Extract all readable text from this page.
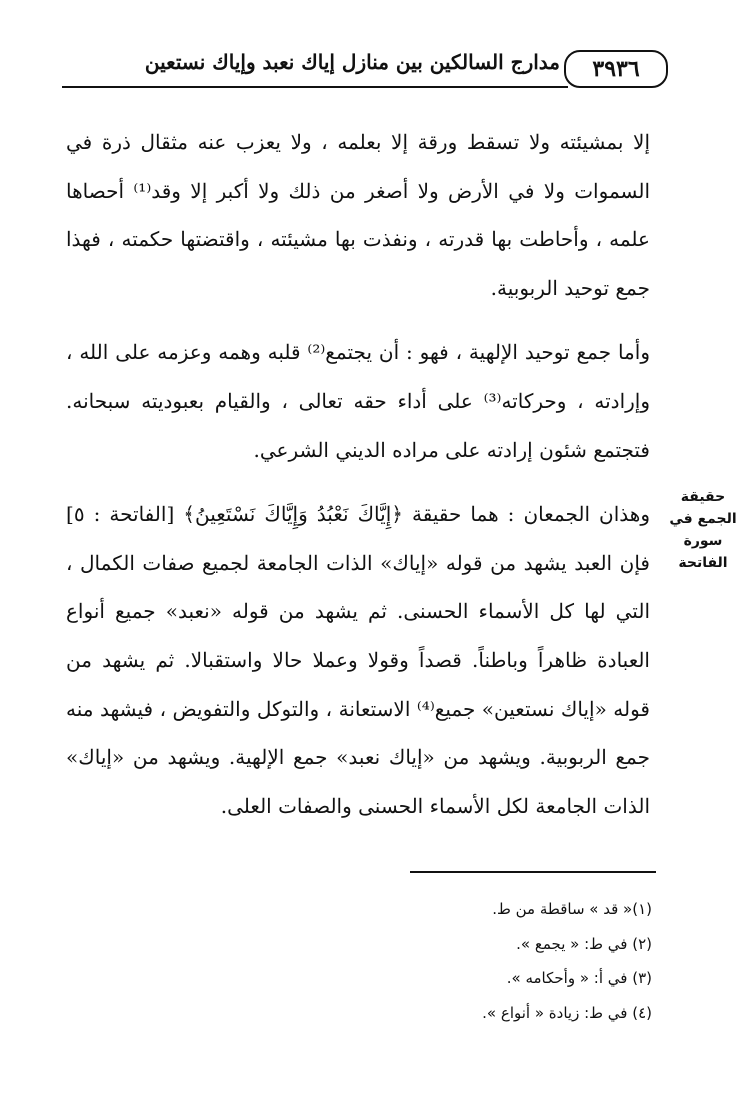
٣٩٣٦
مدارج السالكين بين منازل إياك نعبد وإياك نستعين

إلا بمشيئته ولا تسقط ورقة إلا بعلمه ، ولا يعزب عنه مثقال ذرة في السموات ولا في الأرض ولا أصغر من ذلك ولا أكبر إلا وقد⁽¹⁾ أحصاها علمه ، وأحاطت بها قدرته ، ونفذت بها مشيئته ، واقتضتها حكمته ، فهذا جمع توحيد الربوبية.

وأما جمع توحيد الإلهية ، فهو : أن يجتمع⁽²⁾ قلبه وهمه وعزمه على الله ، وإرادته ، وحركاته⁽³⁾ على أداء حقه تعالى ، والقيام بعبوديته سبحانه. فتجتمع شئون إرادته على مراده الديني الشرعي.

وهذان الجمعان : هما حقيقة ﴿إِيَّاكَ نَعْبُدُ وَإِيَّاكَ نَسْتَعِينُ﴾ [الفاتحة : ٥] فإن العبد يشهد من قوله «إياك» الذات الجامعة لجميع صفات الكمال ، التي لها كل الأسماء الحسنى. ثم يشهد من قوله «نعبد» جميع أنواع العبادة ظاهراً وباطناً. قصداً وقولا وعملا حالا واستقبالا. ثم يشهد من قوله «إياك نستعين» جميع⁽⁴⁾ الاستعانة ، والتوكل والتفويض ، فيشهد منه جمع الربوبية. ويشهد من «إياك نعبد» جمع الإلهية. ويشهد من «إياك» الذات الجامعة لكل الأسماء الحسنى والصفات العلى.

حقيقة
الجمع في
سورة
الفاتحة
(١)« قد » ساقطة من ط.
(٢) في ط: « يجمع ».
(٣) في أ: « وأحكامه ».
(٤) في ط: زيادة « أنواع ».
